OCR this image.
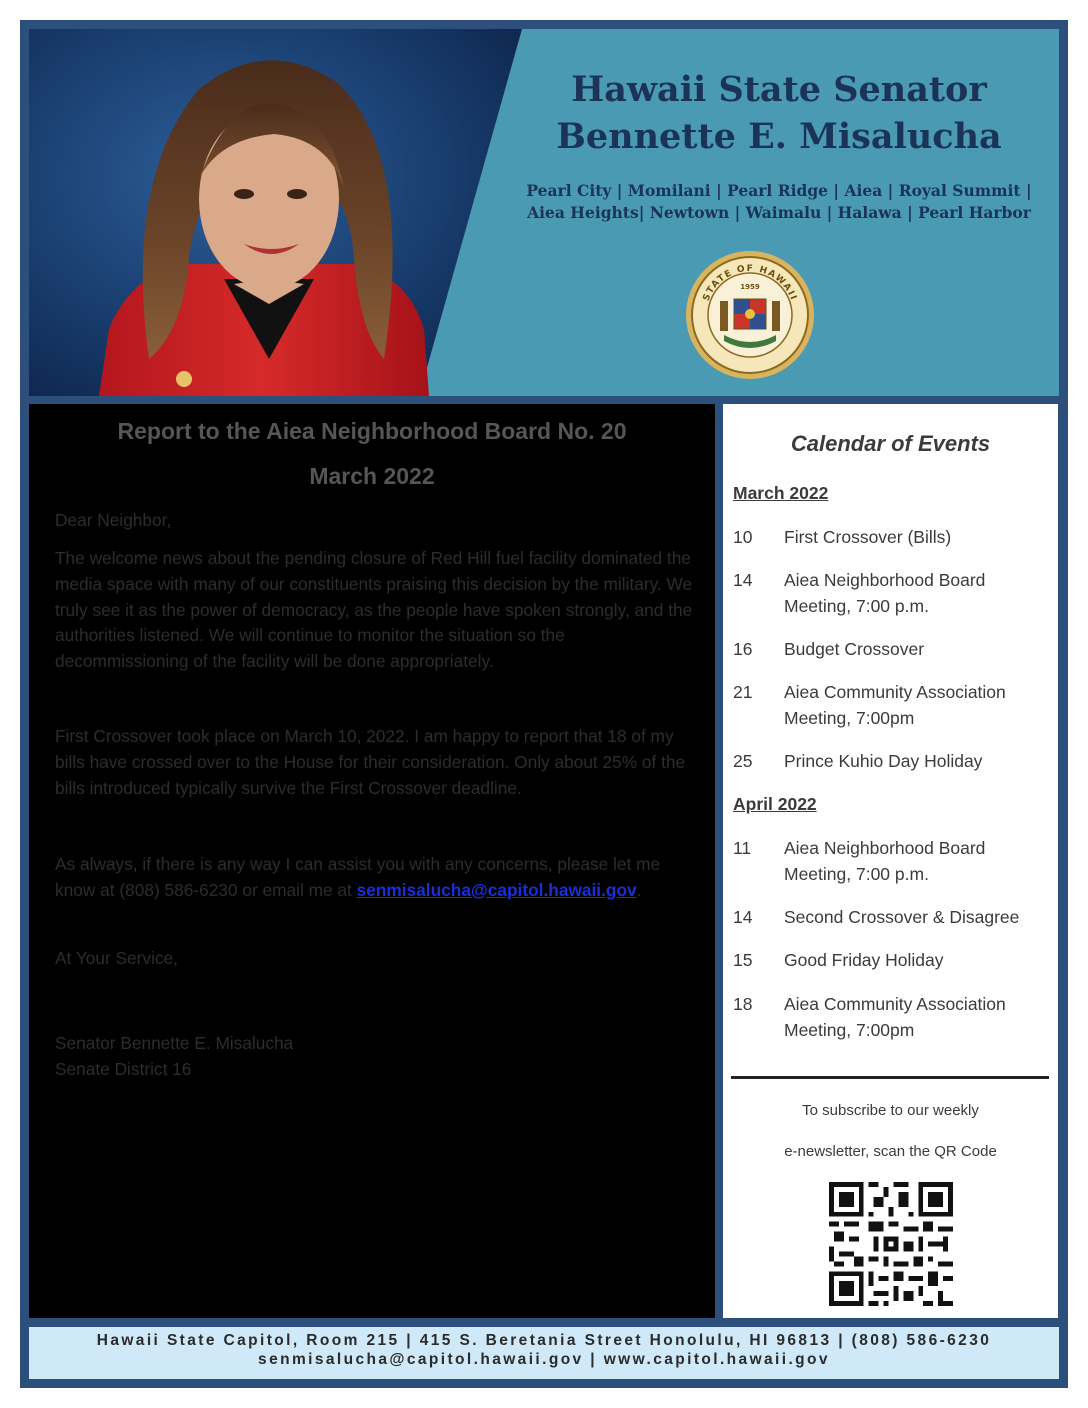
Hawaii State Senator
Bennette E. Misalucha
Pearl City | Momilani | Pearl Ridge | Aiea | Royal Summit |
Aiea Heights| Newtown | Waimalu | Halawa | Pearl Harbor
STATE OF HAWAII
1959
Report to the Aiea Neighborhood Board No. 20
March 2022

Dear Neighbor,

The welcome news about the pending closure of Red Hill fuel facility dominated the media space with many of our constituents praising this decision by the military. We truly see it as the power of democracy, as the people have spoken strongly, and the authorities listened. We will continue to monitor the situation so the decommissioning of the facility will be done appropriately.

First Crossover took place on March 10, 2022. I am happy to report that 18 of my bills have crossed over to the House for their consideration. Only about 25% of the bills introduced typically survive the First Crossover deadline.

As always, if there is any way I can assist you with any concerns, please let me know at (808) 586-6230 or email me at senmisalucha@capitol.hawaii.gov.

At Your Service,

Senator Bennette E. Misalucha

Senate District 16

Calendar of Events
March 2022
10 First Crossover (Bills)
14 Aiea Neighborhood Board Meeting, 7:00 p.m.
16 Budget Crossover
21 Aiea Community Association Meeting, 7:00pm
25 Prince Kuhio Day Holiday
April 2022
11 Aiea Neighborhood Board Meeting, 7:00 p.m.
14 Second Crossover & Disagree
15 Good Friday Holiday
18 Aiea Community Association Meeting, 7:00pm
To subscribe to our weekly
e-newsletter, scan the QR Code
Hawaii State Capitol, Room 215 | 415 S. Beretania Street Honolulu, HI 96813 | (808) 586-6230
senmisalucha@capitol.hawaii.gov | www.capitol.hawaii.gov
